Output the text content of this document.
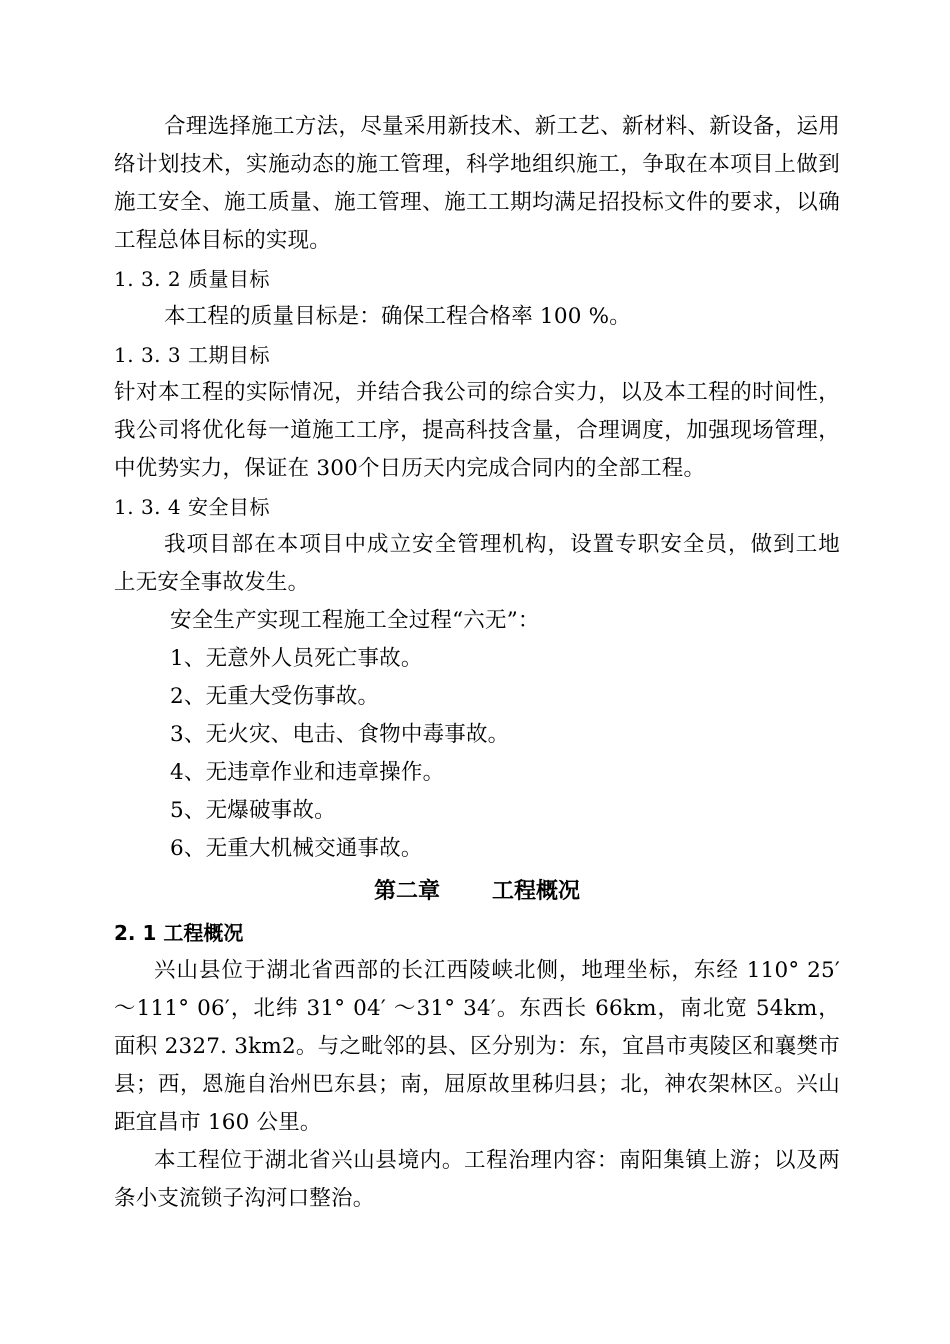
合理选择施工方法，尽量采用新技术、新工艺、新材料、新设备，运用
络计划技术，实施动态的施工管理，科学地组织施工，争取在本项目上做到
施工安全、施工质量、施工管理、施工工期均满足招投标文件的要求，以确
工程总体目标的实现。
1. 3. 2 质量目标
本工程的质量目标是：确保工程合格率 100 %。
1. 3. 3 工期目标
针对本工程的实际情况，并结合我公司的综合实力，以及本工程的时间性，
我公司将优化每一道施工工序，提高科技含量，合理调度，加强现场管理，
中优势实力，保证在 300个日历天内完成合同内的全部工程。
1. 3. 4 安全目标
我项目部在本项目中成立安全管理机构，设置专职安全员，做到工地
上无安全事故发生。
安全生产实现工程施工全过程“六无”：
1、无意外人员死亡事故。
2、无重大受伤事故。
3、无火灾、电击、食物中毒事故。
4、无违章作业和违章操作。
5、无爆破事故。
6、无重大机械交通事故。
第二章 工程概况
2. 1 工程概况
兴山县位于湖北省西部的长江西陵峡北侧，地理坐标，东经 110° 25′
～111° 06′，北纬 31° 04′ ～31° 34′。东西长 66km，南北宽 54km，
面积 2327. 3km2。与之毗邻的县、区分别为：东，宜昌市夷陵区和襄樊市
县；西，恩施自治州巴东县；南，屈原故里秭归县；北，神农架林区。兴山
距宜昌市 160 公里。
本工程位于湖北省兴山县境内。工程治理内容：南阳集镇上游；以及两
条小支流锁子沟河口整治。
